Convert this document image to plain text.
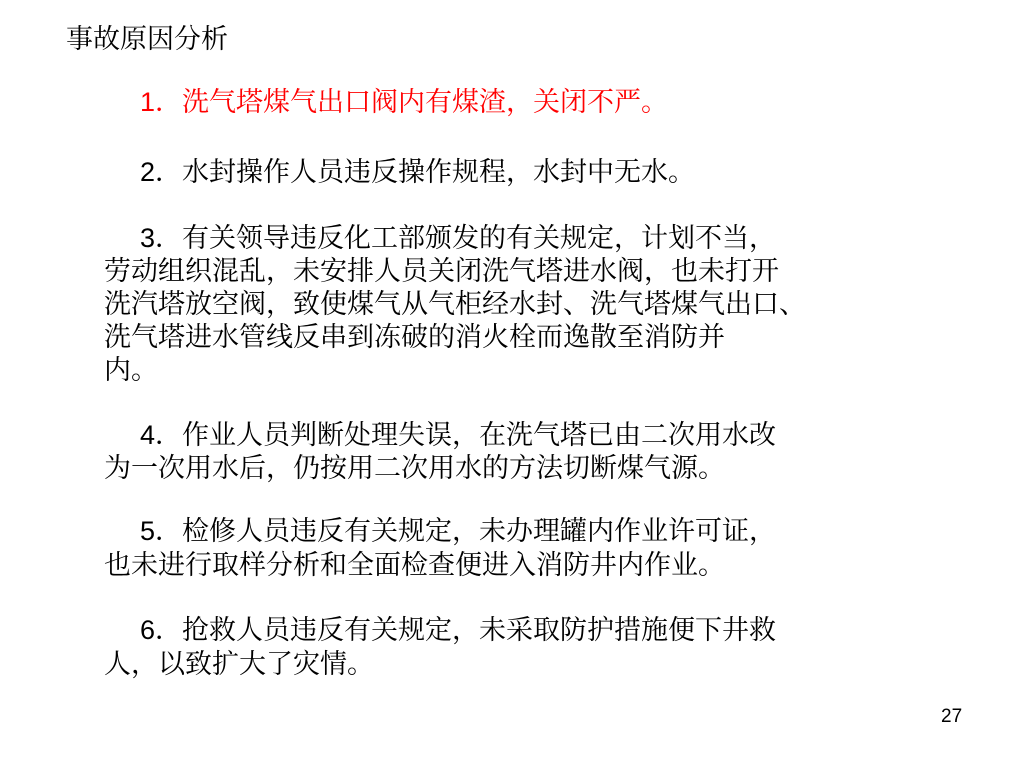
事故原因分析
1．洗气塔煤气出口阀内有煤渣，关闭不严。
2．水封操作人员违反操作规程，水封中无水。
3．有关领导违反化工部颁发的有关规定，计划不当，
劳动组织混乱，未安排人员关闭洗气塔进水阀，也未打开
洗汽塔放空阀，致使煤气从气柜经水封、洗气塔煤气出口、
洗气塔进水管线反串到冻破的消火栓而逸散至消防并
内。
4．作业人员判断处理失误，在洗气塔已由二次用水改
为一次用水后，仍按用二次用水的方法切断煤气源。
5．检修人员违反有关规定，未办理罐内作业许可证，
也未进行取样分析和全面检查便进入消防井内作业。
6．抢救人员违反有关规定，未采取防护措施便下井救
人，以致扩大了灾情。
27
